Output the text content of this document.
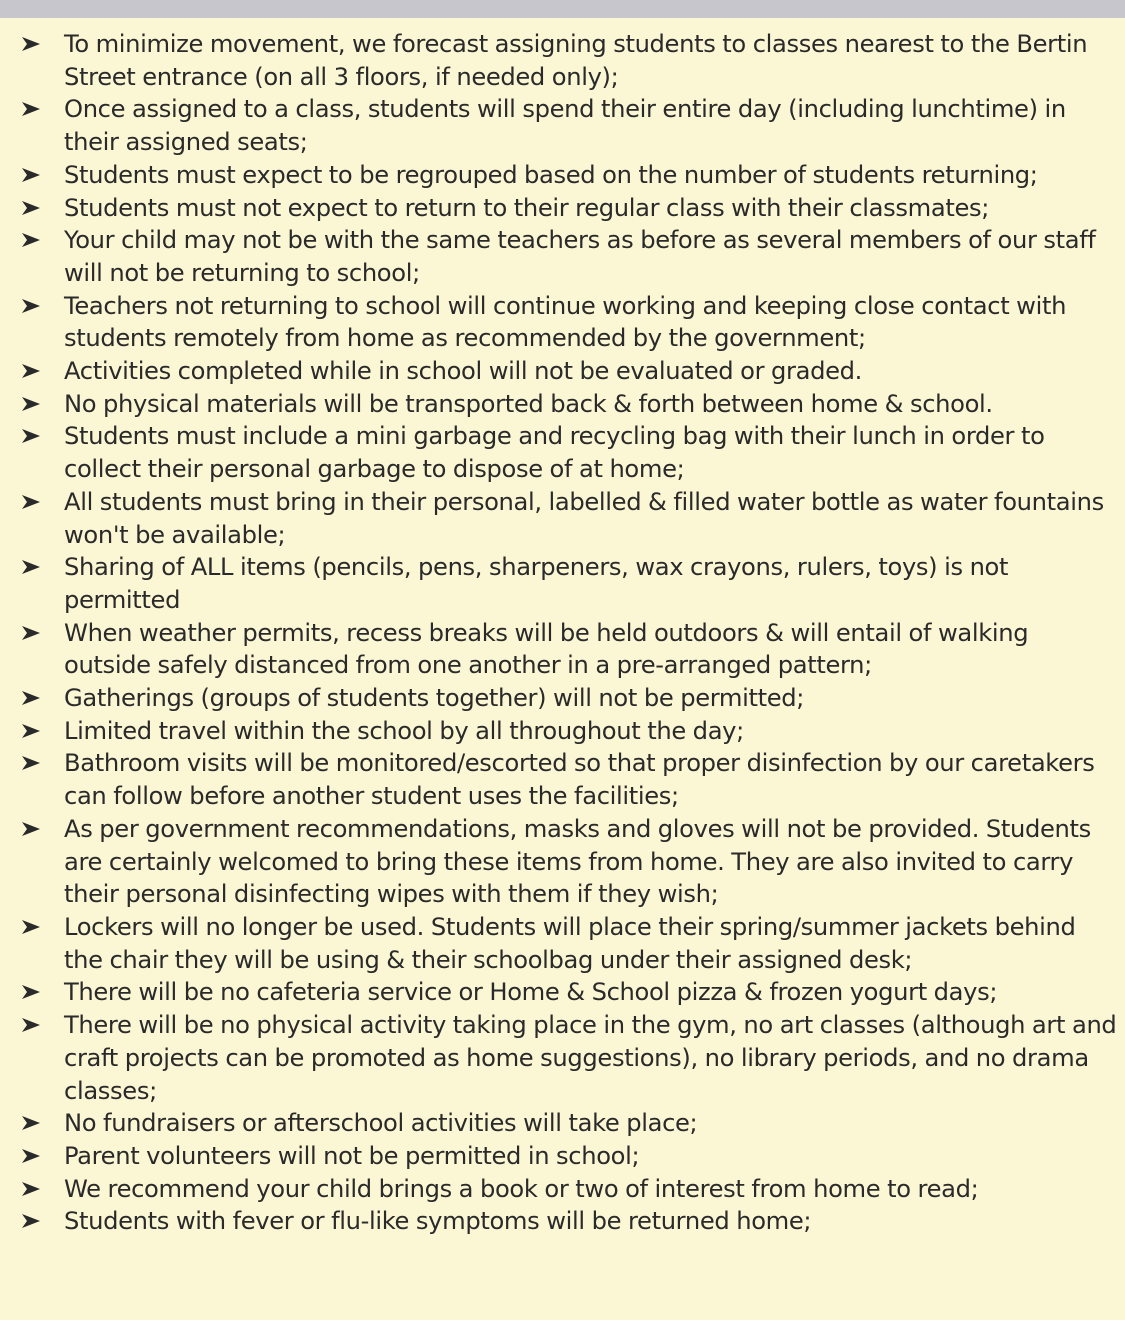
To minimize movement, we forecast assigning students to classes nearest to the Bertin Street entrance (on all 3 floors, if needed only);
Once assigned to a class, students will spend their entire day (including lunchtime) in their assigned seats;
Students must expect to be regrouped based on the number of students returning;
Students must not expect to return to their regular class with their classmates;
Your child may not be with the same teachers as before as several members of our staff will not be returning to school;
Teachers not returning to school will continue working and keeping close contact with students remotely from home as recommended by the government;
Activities completed while in school will not be evaluated or graded.
No physical materials will be transported back & forth between home & school.
Students must include a mini garbage and recycling bag with their lunch in order to collect their personal garbage to dispose of at home;
All students must bring in their personal, labelled & filled water bottle as water fountains won't be available;
Sharing of ALL items (pencils, pens, sharpeners, wax crayons, rulers, toys) is not permitted
When weather permits, recess breaks will be held outdoors & will entail of walking outside safely distanced from one another in a pre-arranged pattern;
Gatherings (groups of students together) will not be permitted;
Limited travel within the school by all throughout the day;
Bathroom visits will be monitored/escorted so that proper disinfection by our caretakers can follow before another student uses the facilities;
As per government recommendations, masks and gloves will not be provided. Students are certainly welcomed to bring these items from home. They are also invited to carry their personal disinfecting wipes with them if they wish;
Lockers will no longer be used. Students will place their spring/summer jackets behind the chair they will be using & their schoolbag under their assigned desk;
There will be no cafeteria service or Home & School pizza & frozen yogurt days;
There will be no physical activity taking place in the gym, no art classes (although art and craft projects can be promoted as home suggestions), no library periods, and no drama classes;
No fundraisers or afterschool activities will take place;
Parent volunteers will not be permitted in school;
We recommend your child brings a book or two of interest from home to read;
Students with fever or flu-like symptoms will be returned home;
